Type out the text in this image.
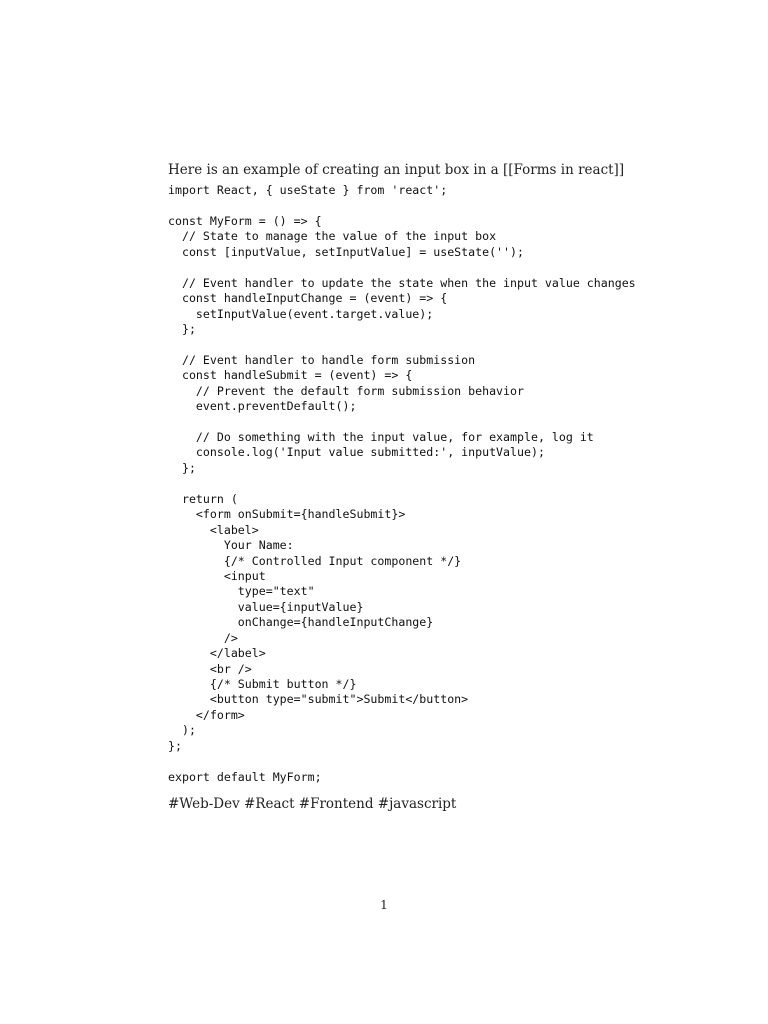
Here is an example of creating an input box in a [[Forms in react]]
import React, { useState } from 'react';
const MyForm = () => {
// State to manage the value of the input box
const [inputValue, setInputValue] = useState('');
// Event handler to update the state when the input value changes
const handleInputChange = (event) => {
setInputValue(event.target.value);
};
// Event handler to handle form submission
const handleSubmit = (event) => {
// Prevent the default form submission behavior
event.preventDefault();
// Do something with the input value, for example, log it
console.log('Input value submitted:', inputValue);
};
return (
<form onSubmit={handleSubmit}>
<label>
Your Name:
{/* Controlled Input component */}
<input
type="text"
value={inputValue}
onChange={handleInputChange}
/>
</label>
<br />
{/* Submit button */}
<button type="submit">Submit</button>
</form>
);
};
export default MyForm;
#Web-Dev #React #Frontend #javascript
1
